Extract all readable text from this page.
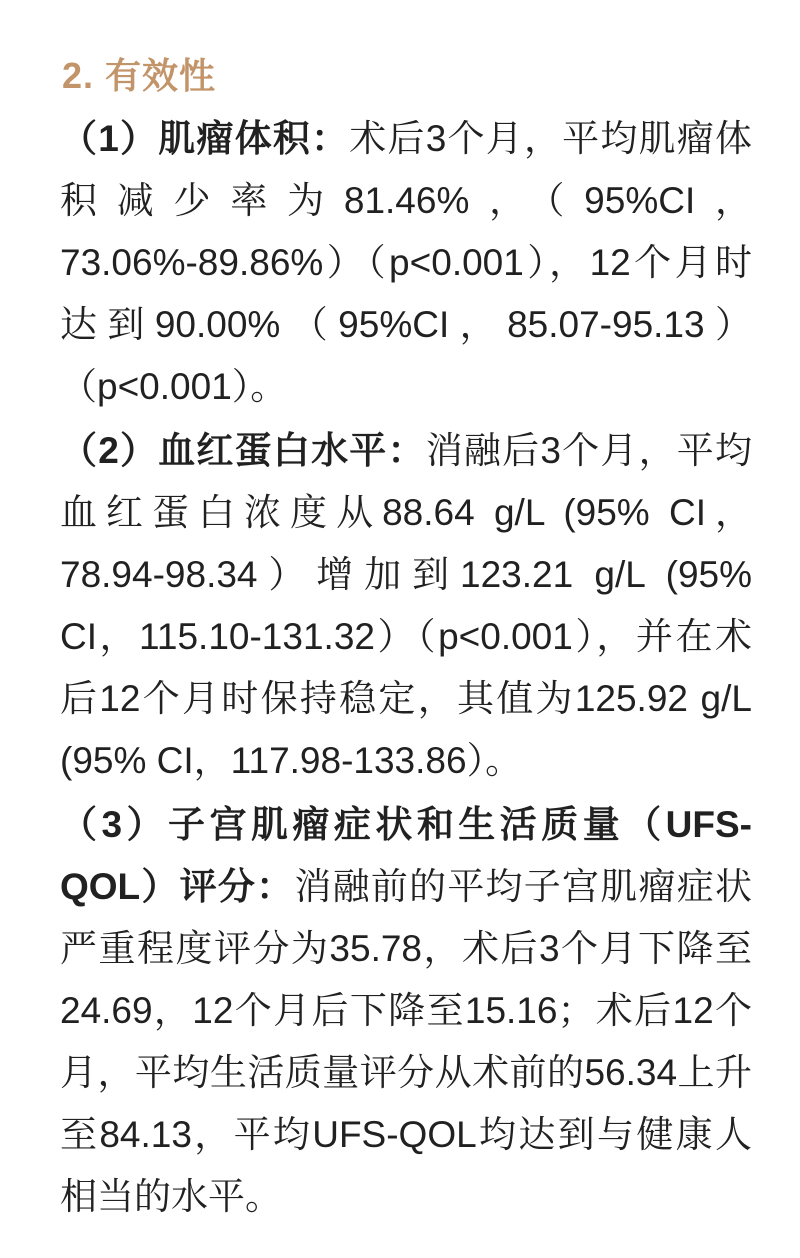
2. 有效性

（1）肌瘤体积：术后3个月，平均肌瘤体积减少率为81.46%，（95%CI，73.06%-89.86%）（p<0.001），12个月时达到90.00%（95%CI，85.07-95.13）（p<0.001）。

（2）血红蛋白水平：消融后3个月，平均血红蛋白浓度从88.64 g/L (95% CI，78.94-98.34）增加到123.21 g/L (95% CI，115.10-131.32）（p<0.001），并在术后12个月时保持稳定，其值为125.92 g/L (95% CI，117.98-133.86）。

（3）子宫肌瘤症状和生活质量（UFS-QOL）评分：消融前的平均子宫肌瘤症状严重程度评分为35.78，术后3个月下降至24.69，12个月后下降至15.16；术后12个月，平均生活质量评分从术前的56.34上升至84.13，平均UFS-QOL均达到与健康人相当的水平。
